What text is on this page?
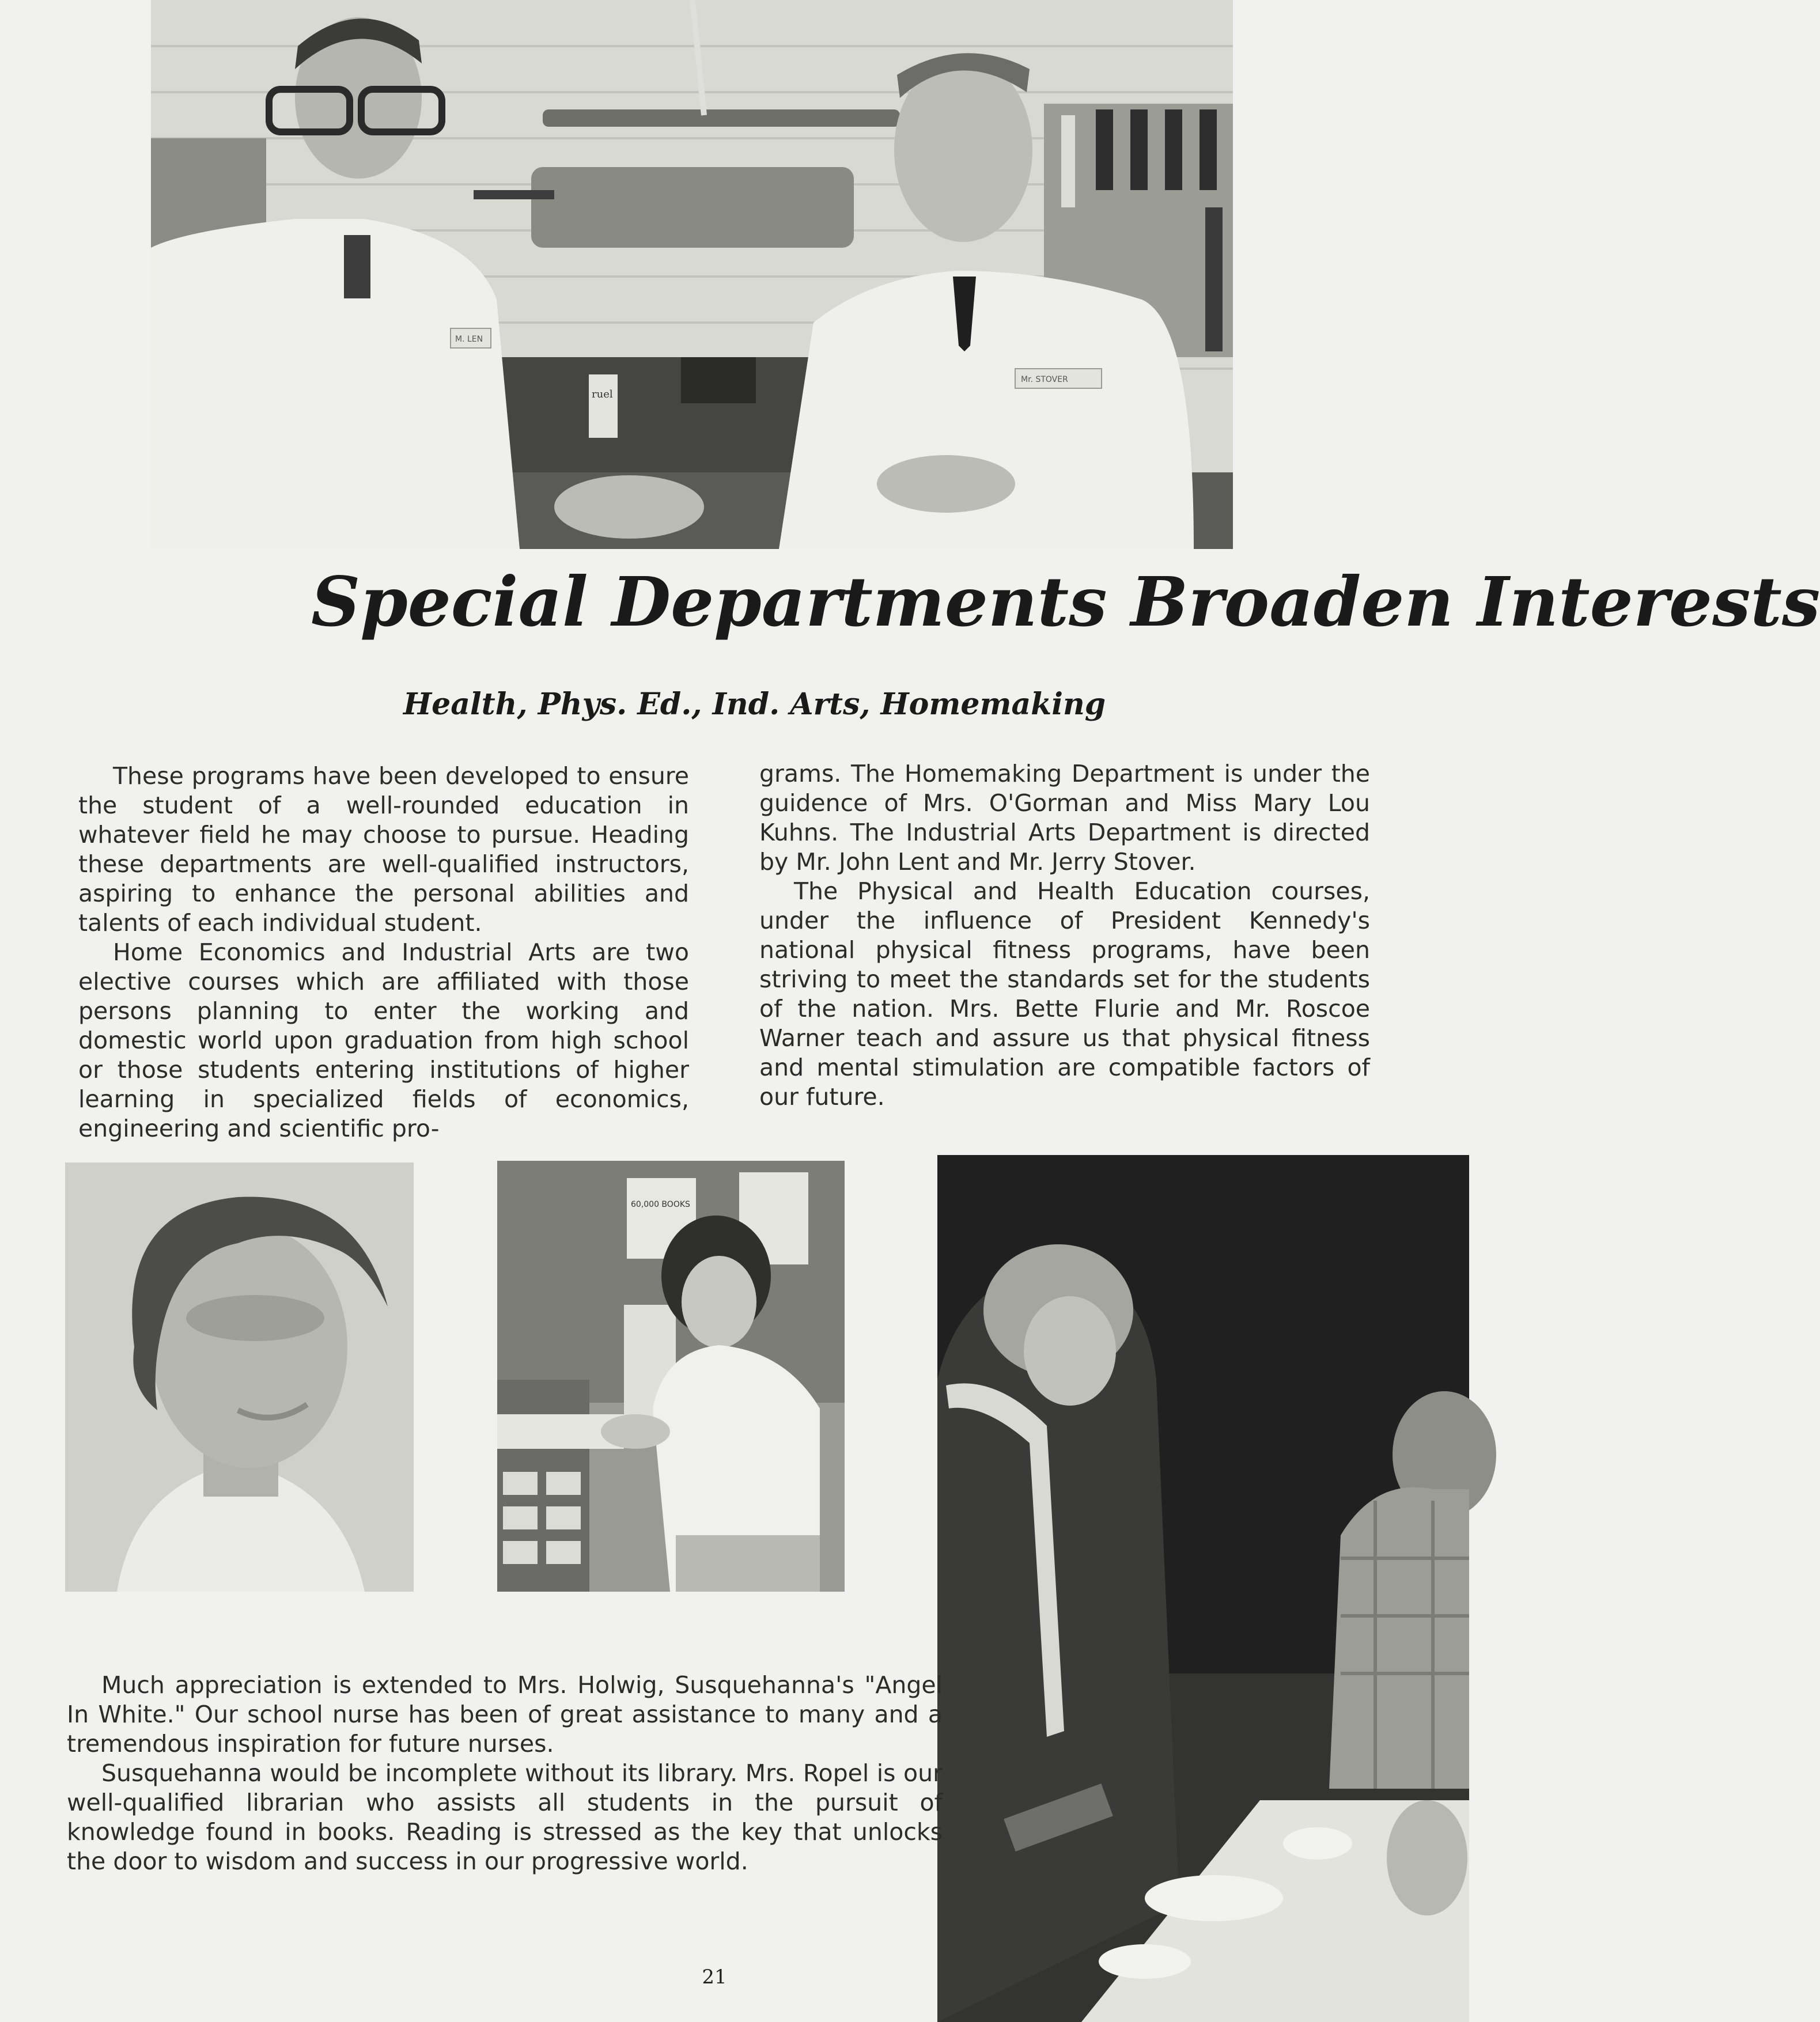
M. LEN
ruel
Mr. STOVER
Special Departments Broaden Interests
Health, Phys. Ed., Ind. Arts, Homemaking

These programs have been developed to ensure the student of a well-rounded education in whatever field he may choose to pursue. Heading these departments are well-qualified instructors, aspiring to enhance the personal abilities and talents of each individual student.

Home Economics and Industrial Arts are two elective courses which are affiliated with those persons planning to enter the working and domestic world upon graduation from high school or those students entering institutions of higher learning in specialized fields of economics, engineering and scientific pro-

grams. The Homemaking Department is under the guidence of Mrs. O'Gorman and Miss Mary Lou Kuhns. The Industrial Arts Department is directed by Mr. John Lent and Mr. Jerry Stover.

The Physical and Health Education courses, under the influence of President Kennedy's national physical fitness programs, have been striving to meet the standards set for the students of the nation. Mrs. Bette Flurie and Mr. Roscoe Warner teach and assure us that physical fitness and mental stimulation are compatible factors of our future.

60,000 BOOKS

Much appreciation is extended to Mrs. Holwig, Susquehanna's "Angel In White." Our school nurse has been of great assistance to many and a tremendous inspiration for future nurses.

Susquehanna would be incomplete without its library. Mrs. Ropel is our well-qualified librarian who assists all students in the pursuit of knowledge found in books. Reading is stressed as the key that unlocks the door to wisdom and success in our progressive world.

21
